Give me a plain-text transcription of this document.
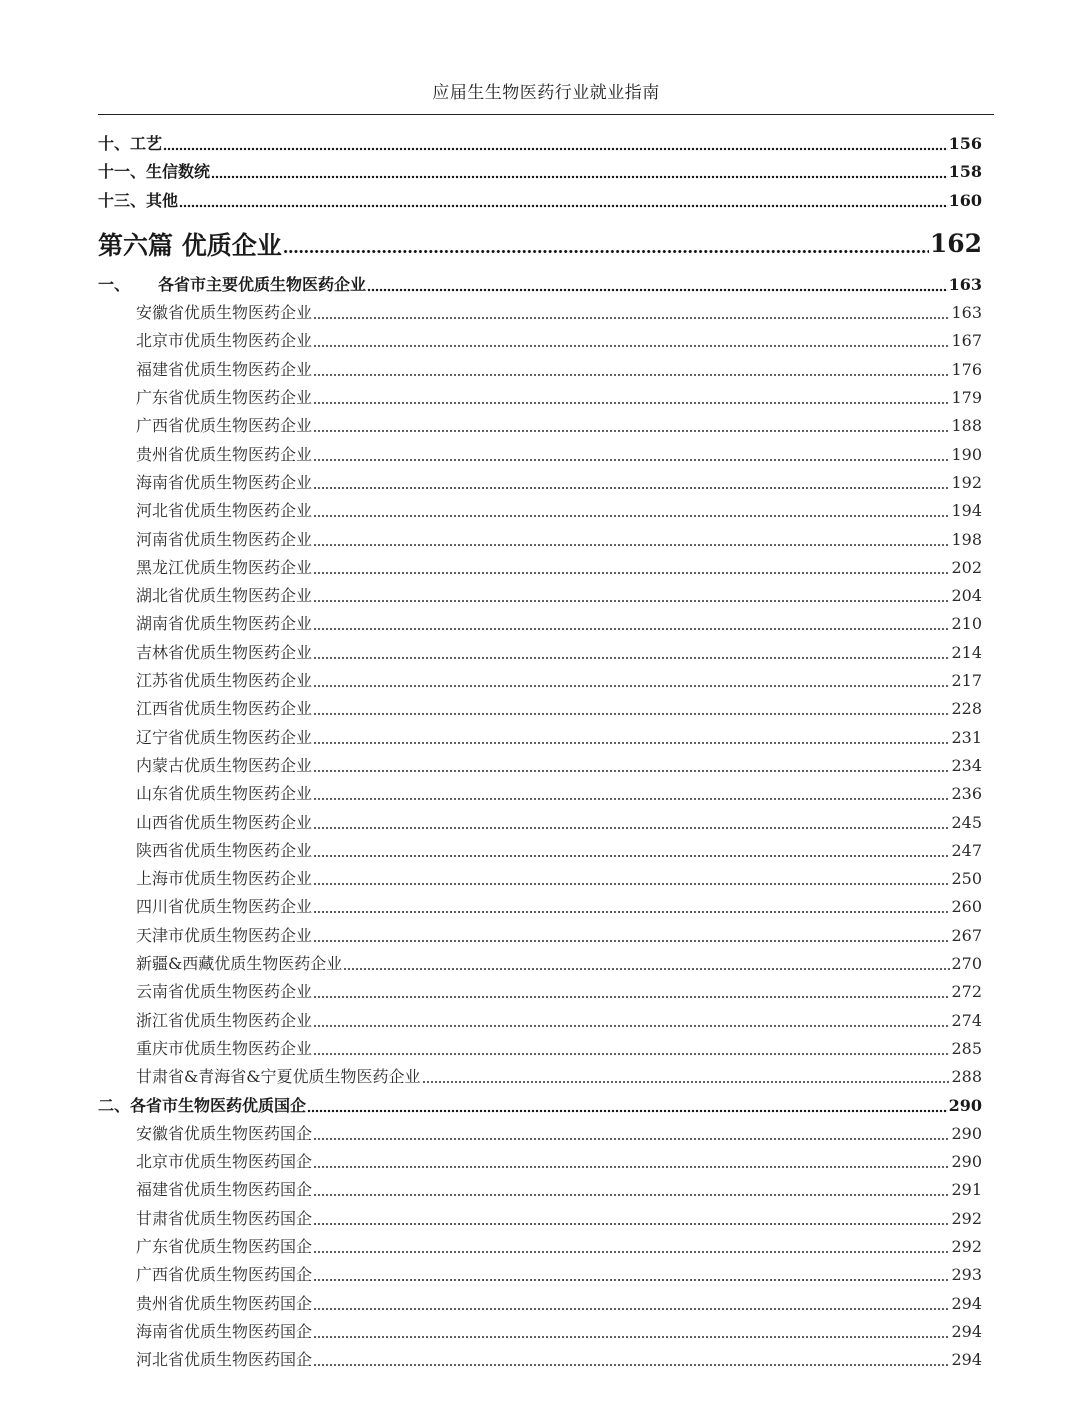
应届生生物医药行业就业指南
十、工艺	156
十一、生信数统	158
十三、其他	160
第六篇 优质企业	162
一、 各省市主要优质生物医药企业	163
安徽省优质生物医药企业	163
北京市优质生物医药企业	167
福建省优质生物医药企业	176
广东省优质生物医药企业	179
广西省优质生物医药企业	188
贵州省优质生物医药企业	190
海南省优质生物医药企业	192
河北省优质生物医药企业	194
河南省优质生物医药企业	198
黑龙江优质生物医药企业	202
湖北省优质生物医药企业	204
湖南省优质生物医药企业	210
吉林省优质生物医药企业	214
江苏省优质生物医药企业	217
江西省优质生物医药企业	228
辽宁省优质生物医药企业	231
内蒙古优质生物医药企业	234
山东省优质生物医药企业	236
山西省优质生物医药企业	245
陕西省优质生物医药企业	247
上海市优质生物医药企业	250
四川省优质生物医药企业	260
天津市优质生物医药企业	267
新疆&西藏优质生物医药企业	270
云南省优质生物医药企业	272
浙江省优质生物医药企业	274
重庆市优质生物医药企业	285
甘肃省&青海省&宁夏优质生物医药企业	288
二、各省市生物医药优质国企	290
安徽省优质生物医药国企	290
北京市优质生物医药国企	290
福建省优质生物医药国企	291
甘肃省优质生物医药国企	292
广东省优质生物医药国企	292
广西省优质生物医药国企	293
贵州省优质生物医药国企	294
海南省优质生物医药国企	294
河北省优质生物医药国企	294
